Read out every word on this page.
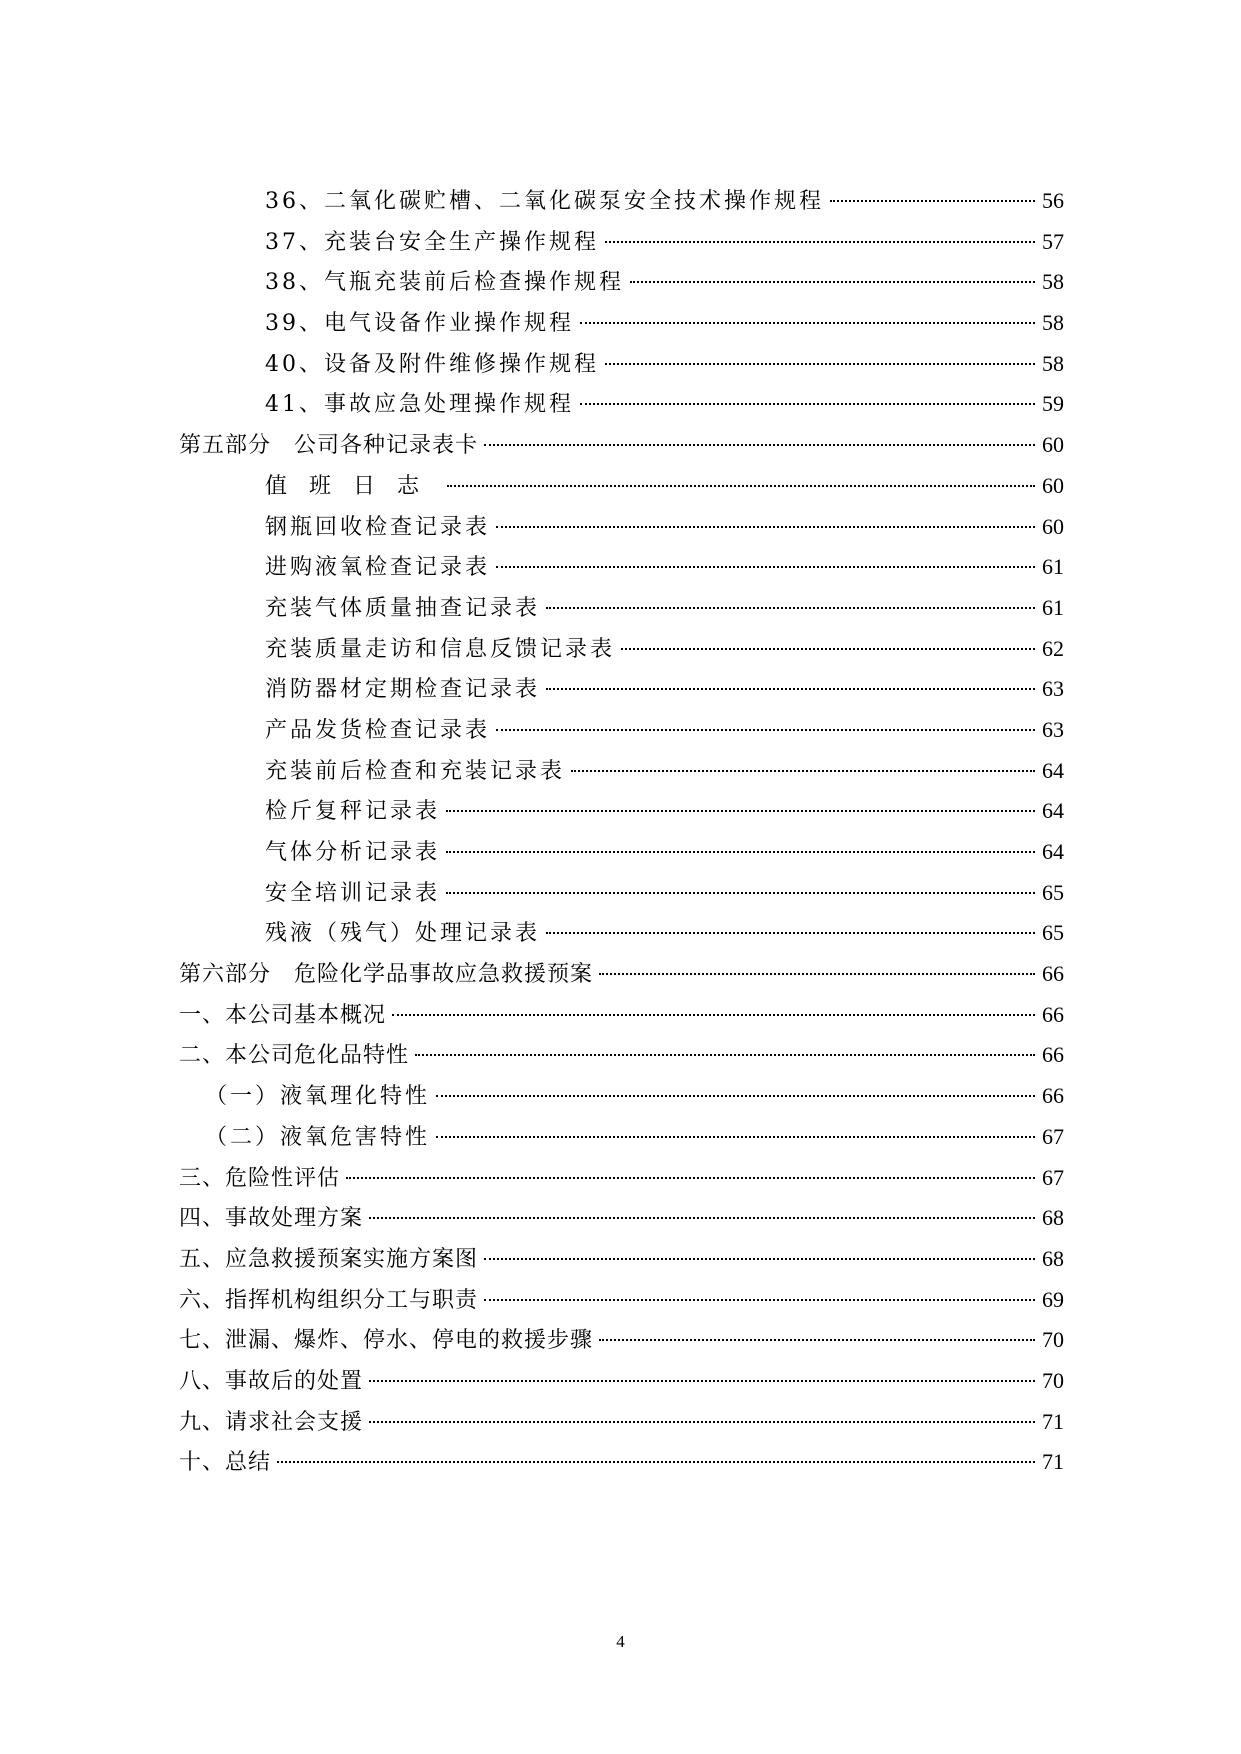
36、二氧化碳贮槽、二氧化碳泵安全技术操作规程	56
37、充装台安全生产操作规程	57
38、气瓶充装前后检查操作规程	58
39、电气设备作业操作规程	58
40、设备及附件维修操作规程	58
41、事故应急处理操作规程	59
第五部分　公司各种记录表卡	60
值班日志	60
钢瓶回收检查记录表	60
进购液氧检查记录表	61
充装气体质量抽查记录表	61
充装质量走访和信息反馈记录表	62
消防器材定期检查记录表	63
产品发货检查记录表	63
充装前后检查和充装记录表	64
检斤复秤记录表	64
气体分析记录表	64
安全培训记录表	65
残液（残气）处理记录表	65
第六部分　危险化学品事故应急救援预案	66
一、本公司基本概况	66
二、本公司危化品特性	66
（一）液氧理化特性	66
（二）液氧危害特性	67
三、危险性评估	67
四、事故处理方案	68
五、应急救援预案实施方案图	68
六、指挥机构组织分工与职责	69
七、泄漏、爆炸、停水、停电的救援步骤	70
八、事故后的处置	70
九、请求社会支援	71
十、总结	71
4
